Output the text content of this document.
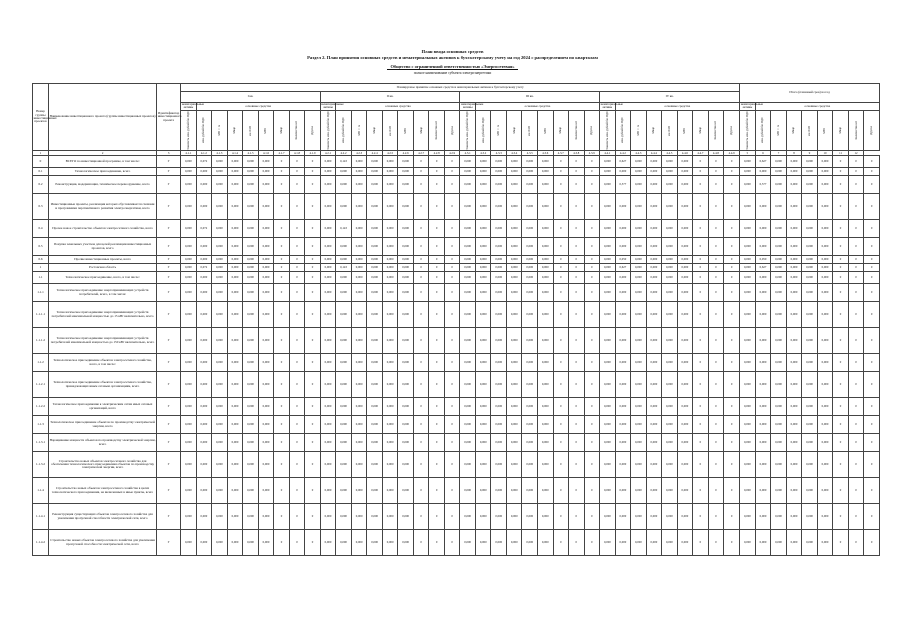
План ввода основных средств
Раздел 2. План принятия основных средств и нематериальных активов к бухгалтерскому учету на год 2024 с распределением по кварталам
Общество с ограниченной ответственностью «Энергосетевая»
полное наименование субъекта электроэнергетики
Номер группы инвестиционных проектов	Наименование инвестиционного проекта (группы инвестиционных проектов)	Идентификатор инвестиционного проекта	Планируемое принятие основных средств и нематериальных активов к бухгалтерскому учету																																				Итого (плановый срок) на год								
			I кв.									II кв.									III кв.									IV кв.																	
			нематериальные активы	основные средства								нематериальные активы	основные средства								нематериальные активы	основные средства								нематериальные активы	основные средства								нематериальные активы	основные средства							

			стоимость млн. рублей без НДС	млн. рублей без НДС	МВ×А	Мвар	км ЛЭП	МВт	Мвар	Количество шт	Другое	стоимость млн. рублей без НДС	млн. рублей без НДС	МВ×А	Мвар	км ЛЭП	МВт	Мвар	Количество шт	Другое	стоимость млн. рублей без НДС	млн. рублей без НДС	МВ×А	Мвар	км ЛЭП	МВт	Мвар	Количество шт	Другое	стоимость млн. рублей без НДС	млн. рублей без НДС	МВ×А	Мвар	км ЛЭП	МВт	Мвар	Количество шт	Другое	стоимость млн. рублей без НДС	млн. рублей без НДС	МВ×А	Мвар	км ЛЭП	МВт	Мвар	Количество шт	Другое

1	2	3	4.1.1	4.1.2	4.1.3	4.1.4	4.1.5	4.1.6	4.1.7	4.1.8	4.1.9	4.2.1	4.2.2	4.2.3	4.2.4	4.2.5	4.2.6	4.2.7	4.2.8	4.2.9	4.3.1	4.3.2	4.3.3	4.3.4	4.3.5	4.3.6	4.3.7	4.3.8	4.3.9	4.4.1	4.4.2	4.4.3	4.4.4	4.4.5	4.4.6	4.4.7	4.4.8	4.4.9	5	6	7	8	9	10	11	12	
0	ВСЕГО по инвестиционной программе, в том числе:	Г	0,000	0,072	0,000	0,000	0,000	0,000	0	0	0	0,000	0,143	0,000	0,000	0,000	0,000	0	0	0	0,000	0,000	0,000	0,000	0,000	0,000	0	0	0	0,000	0,627	0,000	0,000	0,000	0,000	0	0	0	0,000	0,627	0,000	0,000	0,000	0,000	0	0	0
0.1	Технологическое присоединение, всего	Г	0,000	0,000	0,000	0,000	0,000	0,000	0	0	0	0,000	0,000	0,000	0,000	0,000	0,000	0	0	0	0,000	0,000	0,000	0,000	0,000	0,000	0	0	0	0,000	0,000	0,000	0,000	0,000	0,000	0	0	0	0,000	0,000	0,000	0,000	0,000	0,000	0	0	0
0.2	Реконструкция, модернизация, техническое перевооружение, всего	Г	0,000	0,000	0,000	0,000	0,000	0,000	0	0	0	0,000	0,000	0,000	0,000	0,000	0,000	0	0	0	0,000	0,000	0,000	0,000	0,000	0,000	0	0	0	0,000	0,577	0,000	0,000	0,000	0,000	0	0	0	0,000	0,577	0,000	0,000	0,000	0,000	0	0	0
0.3	Инвестиционные проекты, реализация которых обуславливается схемами и программами перспективного развития электроэнергетики, всего	Г	0,000	0,000	0,000	0,000	0,000	0,000	0	0	0	0,000	0,000	0,000	0,000	0,000	0,000	0	0	0	0,000	0,000	0,000	0,000	0,000	0,000	0	0	0	0,000	0,000	0,000	0,000	0,000	0,000	0	0	0	0,000	0,000	0,000	0,000	0,000	0,000	0	0	0
0.4	Прочее новое строительство объектов электросетевого хозяйства, всего	Г	0,000	0,072	0,000	0,000	0,000	0,000	0	0	0	0,000	0,143	0,000	0,000	0,000	0,000	0	0	0	0,000	0,000	0,000	0,000	0,000	0,000	0	0	0	0,000	0,000	0,000	0,000	0,000	0,000	0	0	0	0,000	0,000	0,000	0,000	0,000	0,000	0	0	0
0.5	Покупка земельных участков для целей реализации инвестиционных проектов, всего	Г	0,000	0,000	0,000	0,000	0,000	0,000	0	0	0	0,000	0,000	0,000	0,000	0,000	0,000	0	0	0	0,000	0,000	0,000	0,000	0,000	0,000	0	0	0	0,000	0,000	0,000	0,000	0,000	0,000	0	0	0	0,000	0,000	0,000	0,000	0,000	0,000	0	0	0
0.6	Прочие инвестиционные проекты, всего	Г	0,000	0,000	0,000	0,000	0,000	0,000	0	0	0	0,000	0,000	0,000	0,000	0,000	0,000	0	0	0	0,000	0,000	0,000	0,000	0,000	0,000	0	0	0	0,000	0,050	0,000	0,000	0,000	0,000	0	0	0	0,000	0,050	0,000	0,000	0,000	0,000	0	0	0
1	Ростовская область	Г	0,000	0,072	0,000	0,000	0,000	0,000	0	0	0	0,000	0,143	0,000	0,000	0,000	0,000	0	0	0	0,000	0,000	0,000	0,000	0,000	0,000	0	0	0	0,000	0,627	0,000	0,000	0,000	0,000	0	0	0	0,000	0,627	0,000	0,000	0,000	0,000	0	0	0
1.1	Технологическое присоединение, всего, в том числе:	Г	0,000	0,000	0,000	0,000	0,000	0,000	0	0	0	0,000	0,000	0,000	0,000	0,000	0,000	0	0	0	0,000	0,000	0,000	0,000	0,000	0,000	0	0	0	0,000	0,000	0,000	0,000	0,000	0,000	0	0	0	0,000	0,000	0,000	0,000	0,000	0,000	0	0	0
1.1.1	Технологическое присоединение энергопринимающих устройств потребителей, всего, в том числе:	Г	0,000	0,000	0,000	0,000	0,000	0,000	0	0	0	0,000	0,000	0,000	0,000	0,000	0,000	0	0	0	0,000	0,000	0,000	0,000	0,000	0,000	0	0	0	0,000	0,000	0,000	0,000	0,000	0,000	0	0	0	0,000	0,000	0,000	0,000	0,000	0,000	0	0	0
1.1.1.1	Технологическое присоединение энергопринимающих устройств потребителей максимальной мощностью до 15 кВт включительно, всего	Г	0,000	0,000	0,000	0,000	0,000	0,000	0	0	0	0,000	0,000	0,000	0,000	0,000	0,000	0	0	0	0,000	0,000	0,000	0,000	0,000	0,000	0	0	0	0,000	0,000	0,000	0,000	0,000	0,000	0	0	0	0,000	0,000	0,000	0,000	0,000	0,000	0	0	0
1.1.1.2	Технологическое присоединение энергопринимающих устройств потребителей максимальной мощностью до 150 кВт включительно, всего	Г	0,000	0,000	0,000	0,000	0,000	0,000	0	0	0	0,000	0,000	0,000	0,000	0,000	0,000	0	0	0	0,000	0,000	0,000	0,000	0,000	0,000	0	0	0	0,000	0,000	0,000	0,000	0,000	0,000	0	0	0	0,000	0,000	0,000	0,000	0,000	0,000	0	0	0
1.1.2	Технологическое присоединение объектов электросетевого хозяйства, всего, в том числе:	Г	0,000	0,000	0,000	0,000	0,000	0,000	0	0	0	0,000	0,000	0,000	0,000	0,000	0,000	0	0	0	0,000	0,000	0,000	0,000	0,000	0,000	0	0	0	0,000	0,000	0,000	0,000	0,000	0,000	0	0	0	0,000	0,000	0,000	0,000	0,000	0,000	0	0	0
1.1.2.1	Технологическое присоединение объектов электросетевого хозяйства, принадлежащих иным сетевым организациям, всего	Г	0,000	0,000	0,000	0,000	0,000	0,000	0	0	0	0,000	0,000	0,000	0,000	0,000	0,000	0	0	0	0,000	0,000	0,000	0,000	0,000	0,000	0	0	0	0,000	0,000	0,000	0,000	0,000	0,000	0	0	0	0,000	0,000	0,000	0,000	0,000	0,000	0	0	0
1.1.2.2	Технологическое присоединение к электрическим сетям иных сетевых организаций, всего	Г	0,000	0,000	0,000	0,000	0,000	0,000	0	0	0	0,000	0,000	0,000	0,000	0,000	0,000	0	0	0	0,000	0,000	0,000	0,000	0,000	0,000	0	0	0	0,000	0,000	0,000	0,000	0,000	0,000	0	0	0	0,000	0,000	0,000	0,000	0,000	0,000	0	0	0
1.1.3	Технологическое присоединение объектов по производству электрической энергии, всего	Г	0,000	0,000	0,000	0,000	0,000	0,000	0	0	0	0,000	0,000	0,000	0,000	0,000	0,000	0	0	0	0,000	0,000	0,000	0,000	0,000	0,000	0	0	0	0,000	0,000	0,000	0,000	0,000	0,000	0	0	0	0,000	0,000	0,000	0,000	0,000	0,000	0	0	0
1.1.3.1	Наращивание мощности объектов по производству электрической энергии, всего	Г	0,000	0,000	0,000	0,000	0,000	0,000	0	0	0	0,000	0,000	0,000	0,000	0,000	0,000	0	0	0	0,000	0,000	0,000	0,000	0,000	0,000	0	0	0	0,000	0,000	0,000	0,000	0,000	0,000	0	0	0	0,000	0,000	0,000	0,000	0,000	0,000	0	0	0
1.1.3.2	Строительство новых объектов электросетевого хозяйства для обеспечения технологического присоединения объектов по производству электрической энергии, всего	Г	0,000	0,000	0,000	0,000	0,000	0,000	0	0	0	0,000	0,000	0,000	0,000	0,000	0,000	0	0	0	0,000	0,000	0,000	0,000	0,000	0,000	0	0	0	0,000	0,000	0,000	0,000	0,000	0,000	0	0	0	0,000	0,000	0,000	0,000	0,000	0,000	0	0	0
1.1.4	Строительство новых объектов электросетевого хозяйства в целях технологического присоединения, не включенных в иные пункты, всего	Г	0,000	0,000	0,000	0,000	0,000	0,000	0	0	0	0,000	0,000	0,000	0,000	0,000	0,000	0	0	0	0,000	0,000	0,000	0,000	0,000	0,000	0	0	0	0,000	0,000	0,000	0,000	0,000	0,000	0	0	0	0,000	0,000	0,000	0,000	0,000	0,000	0	0	0
1.1.4.1	Реконструкция существующих объектов электросетевого хозяйства для увеличения пропускной способности электрической сети, всего	Г	0,000	0,000	0,000	0,000	0,000	0,000	0	0	0	0,000	0,000	0,000	0,000	0,000	0,000	0	0	0	0,000	0,000	0,000	0,000	0,000	0,000	0	0	0	0,000	0,000	0,000	0,000	0,000	0,000	0	0	0	0,000	0,000	0,000	0,000	0,000	0,000	0	0	0
1.1.4.2	Строительство новых объектов электросетевого хозяйства для увеличения пропускной способности электрической сети, всего	Г	0,000	0,000	0,000	0,000	0,000	0,000	0	0	0	0,000	0,000	0,000	0,000	0,000	0,000	0	0	0	0,000	0,000	0,000	0,000	0,000	0,000	0	0	0	0,000	0,000	0,000	0,000	0,000	0,000	0	0	0	0,000	0,000	0,000	0,000	0,000	0,000	0	0	0
